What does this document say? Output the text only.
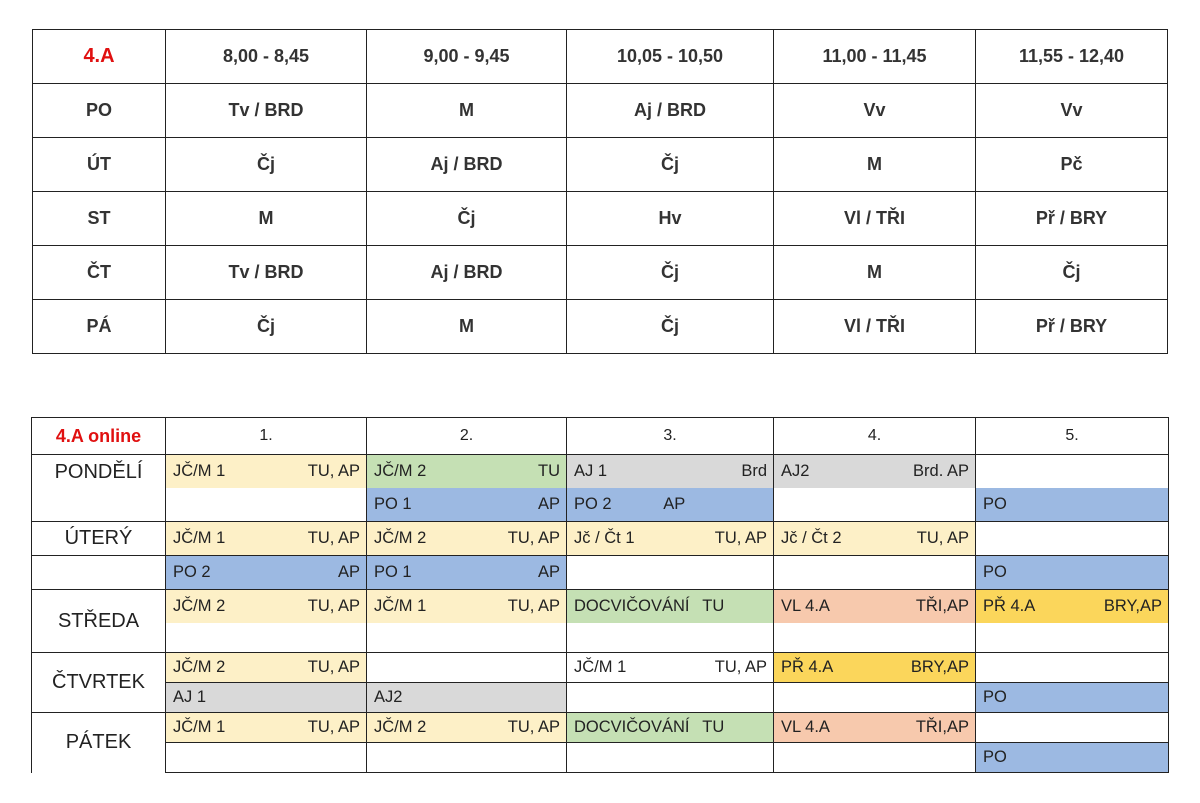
4.A	8,00 - 8,45	9,00 - 9,45	10,05 - 10,50	11,00 - 11,45	11,55 - 12,40
PO	Tv / BRD	M	Aj / BRD	Vv	Vv
ÚT	Čj	Aj / BRD	Čj	M	Pč
ST	M	Čj	Hv	Vl / TŘI	Př / BRY
ČT	Tv / BRD	Aj / BRD	Čj	M	Čj
PÁ	Čj	M	Čj	Vl / TŘI	Př / BRY
4.A online	1.	2.	3.	4.	5.
PONDĚLÍ	JČ/M 1 TU, AP	JČ/M 2 TU	AJ 1 Brd	AJ2 Brd. AP	

		PO 1 AP	PO 2 AP		PO

ÚTERÝ	JČ/M 1 TU, AP	JČ/M 2 TU, AP	Jč / Čt 1 TU, AP	Jč / Čt 2 TU, AP	

	PO 2 AP	PO 1 AP			PO

STŘEDA	JČ/M 2 TU, AP	JČ/M 1 TU, AP	DOCVIČOVÁNÍ TU	VL 4.A TŘI,AP	PŘ 4.A BRY,AP

ČTVRTEK	JČ/M 2 TU, AP		JČ/M 1 TU, AP	PŘ 4.A BRY,AP	

	AJ 1	AJ2			PO

PÁTEK	JČ/M 1 TU, AP	JČ/M 2 TU, AP	DOCVIČOVÁNÍ TU	VL 4.A TŘI,AP	

					PO
